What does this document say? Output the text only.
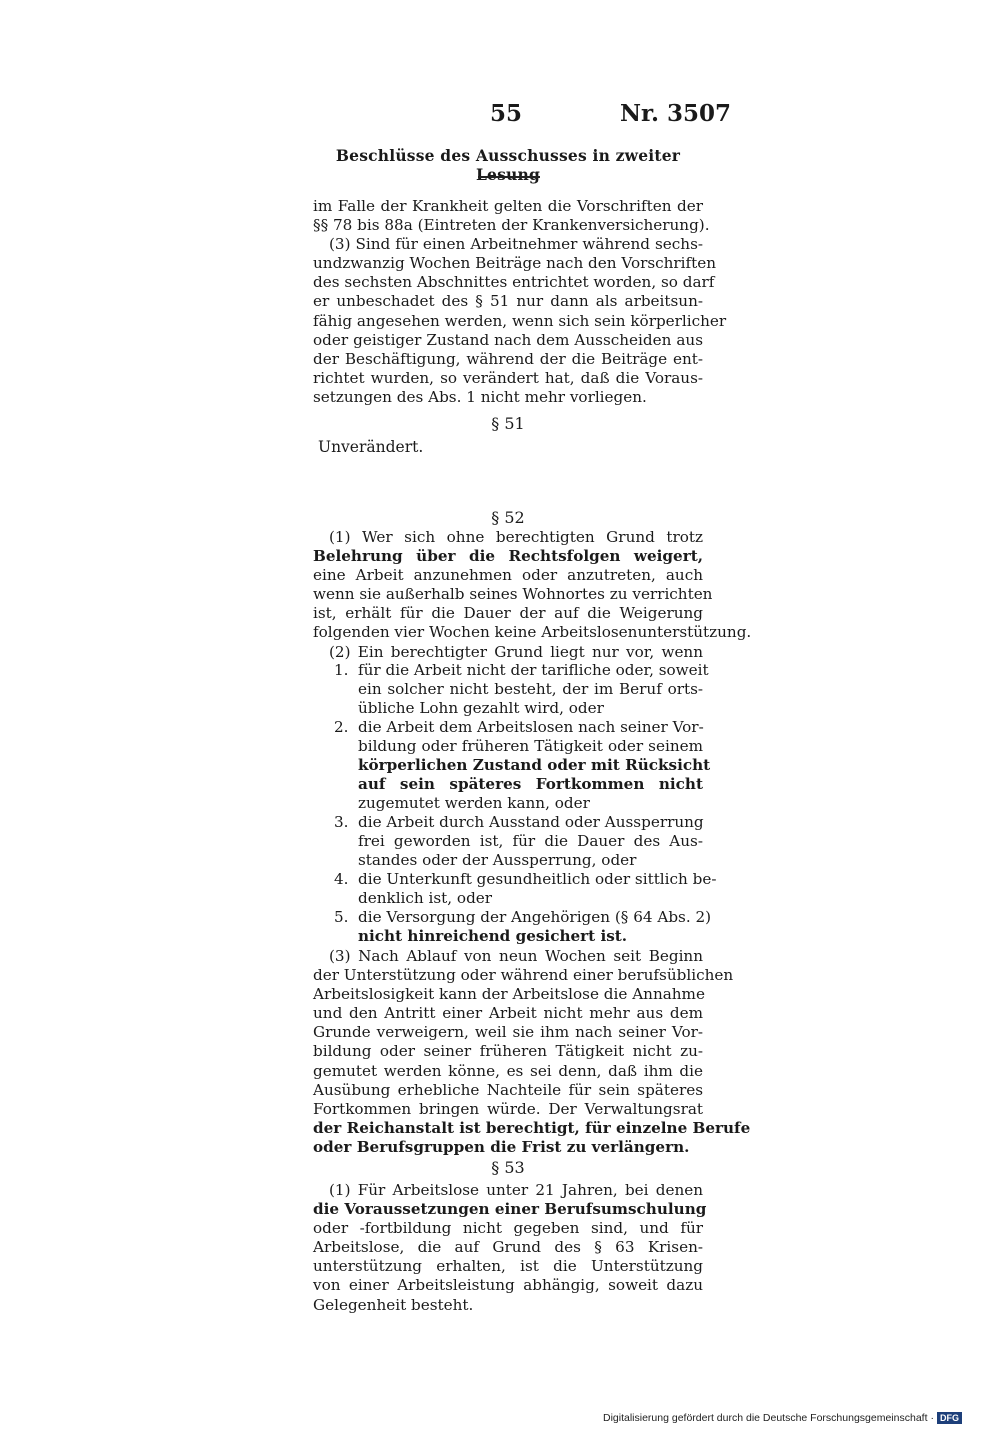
55	Nr. 3507
Beschlüsse des Ausschusses in zweiter Lesung
im Falle der Krankheit gelten die Vorschriften der
§§ 78 bis 88a (Eintreten der Krankenversicherung).
(3) Sind für einen Arbeitnehmer während sechs-
undzwanzig Wochen Beiträge nach den Vorschriften
des sechsten Abschnittes entrichtet worden, so darf
er unbeschadet des § 51 nur dann als arbeitsun-
fähig angesehen werden, wenn sich sein körperlicher
oder geistiger Zustand nach dem Ausscheiden aus
der Beschäftigung, während der die Beiträge ent-
richtet wurden, so verändert hat, daß die Voraus-
setzungen des Abs. 1 nicht mehr vorliegen.
§ 51
Unverändert.
§ 52
(1) Wer sich ohne berechtigten Grund trotz
Belehrung über die Rechtsfolgen weigert,
eine Arbeit anzunehmen oder anzutreten, auch
wenn sie außerhalb seines Wohnortes zu verrichten
ist, erhält für die Dauer der auf die Weigerung
folgenden vier Wochen keine Arbeitslosenunterstützung.
(2) Ein berechtigter Grund liegt nur vor, wenn
1. für die Arbeit nicht der tarifliche oder, soweit
ein solcher nicht besteht, der im Beruf orts-
übliche Lohn gezahlt wird, oder
2. die Arbeit dem Arbeitslosen nach seiner Vor-
bildung oder früheren Tätigkeit oder seinem
körperlichen Zustand oder mit Rücksicht
auf sein späteres Fortkommen nicht
zugemutet werden kann, oder
3. die Arbeit durch Ausstand oder Aussperrung
frei geworden ist, für die Dauer des Aus-
standes oder der Aussperrung, oder
4. die Unterkunft gesundheitlich oder sittlich be-
denklich ist, oder
5. die Versorgung der Angehörigen (§ 64 Abs. 2)
nicht hinreichend gesichert ist.
(3) Nach Ablauf von neun Wochen seit Beginn
der Unterstützung oder während einer berufsüblichen
Arbeitslosigkeit kann der Arbeitslose die Annahme
und den Antritt einer Arbeit nicht mehr aus dem
Grunde verweigern, weil sie ihm nach seiner Vor-
bildung oder seiner früheren Tätigkeit nicht zu-
gemutet werden könne, es sei denn, daß ihm die
Ausübung erhebliche Nachteile für sein späteres
Fortkommen bringen würde. Der Verwaltungsrat
der Reichanstalt ist berechtigt, für einzelne Berufe
oder Berufsgruppen die Frist zu verlängern.
§ 53
(1) Für Arbeitslose unter 21 Jahren, bei denen
die Voraussetzungen einer Berufsumschulung
oder -fortbildung nicht gegeben sind, und für
Arbeitslose, die auf Grund des § 63 Krisen-
unterstützung erhalten, ist die Unterstützung
von einer Arbeitsleistung abhängig, soweit dazu
Gelegenheit besteht.
Digitalisierung gefördert durch die Deutsche Forschungsgemeinschaft · DFG
